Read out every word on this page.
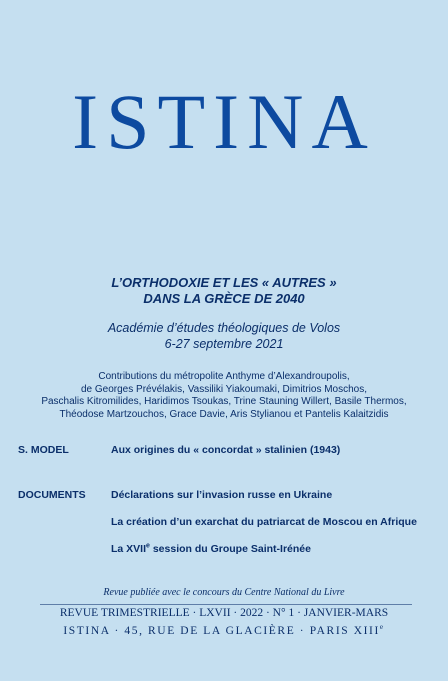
ISTINA
L’ORTHODOXIE ET LES « AUTRES »
DANS LA GRÈCE DE 2040
Académie d’études théologiques de Volos
6-27 septembre 2021
Contributions du métropolite Anthyme d’Alexandroupolis,
de Georges Prévélakis, Vassiliki Yiakoumaki, Dimitrios Moschos,
Paschalis Kitromilides, Haridimos Tsoukas, Trine Stauning Willert, Basile Thermos,
Théodose Martzouchos, Grace Davie, Aris Stylianou et Pantelis Kalaitzidis
S. MODEL	Aux origines du « concordat » stalinien (1943)
DOCUMENTS Déclarations sur l’invasion russe en Ukraine
La création d’un exarchat du patriarcat de Moscou en Afrique
La XVIIe session du Groupe Saint-Irénée
Revue publiée avec le concours du Centre National du Livre
REVUE TRIMESTRIELLE · LXVII · 2022 · N° 1 · JANVIER-MARS
ISTINA · 45, RUE DE LA GLACIÈRE · PARIS XIIIe
